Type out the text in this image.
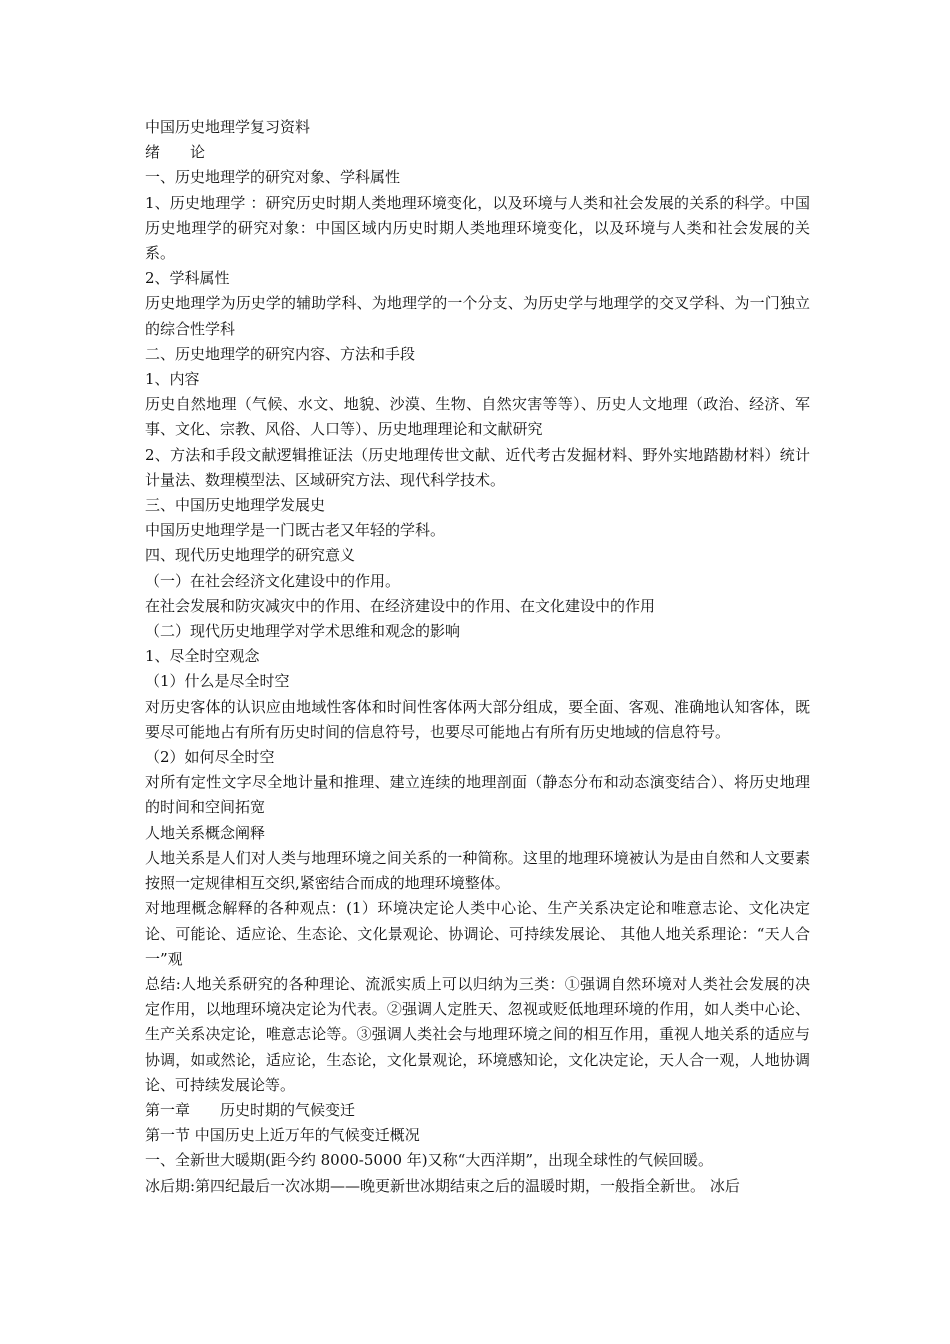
中国历史地理学复习资料

绪　　论

一、历史地理学的研究对象、学科属性

1、历史地理学 ：研究历史时期人类地理环境变化，以及环境与人类和社会发展的关系的科学。中国历史地理学的研究对象：中国区域内历史时期人类地理环境变化，以及环境与人类和社会发展的关系。

2、学科属性

历史地理学为历史学的辅助学科、为地理学的一个分支、为历史学与地理学的交叉学科、为一门独立的综合性学科

二、历史地理学的研究内容、方法和手段

1、内容

历史自然地理（气候、水文、地貌、沙漠、生物、自然灾害等等）、历史人文地理（政治、经济、军事、文化、宗教、风俗、人口等）、历史地理理论和文献研究

2、方法和手段文献逻辑推证法（历史地理传世文献、近代考古发掘材料、野外实地踏勘材料）统计计量法、数理模型法、区域研究方法、现代科学技术。

三、中国历史地理学发展史

中国历史地理学是一门既古老又年轻的学科。

四、现代历史地理学的研究意义

（一）在社会经济文化建设中的作用。

在社会发展和防灾减灾中的作用、在经济建设中的作用、在文化建设中的作用

（二）现代历史地理学对学术思维和观念的影响

1、尽全时空观念

（1）什么是尽全时空

对历史客体的认识应由地域性客体和时间性客体两大部分组成，要全面、客观、准确地认知客体，既要尽可能地占有所有历史时间的信息符号，也要尽可能地占有所有历史地域的信息符号。

（2）如何尽全时空

对所有定性文字尽全地计量和推理、建立连续的地理剖面（静态分布和动态演变结合）、将历史地理的时间和空间拓宽

人地关系概念阐释

人地关系是人们对人类与地理环境之间关系的一种简称。这里的地理环境被认为是由自然和人文要素按照一定规律相互交织,紧密结合而成的地理环境整体。

对地理概念解释的各种观点：(1）环境决定论人类中心论、生产关系决定论和唯意志论、文化决定论、可能论、适应论、生态论、文化景观论、协调论、可持续发展论、 其他人地关系理论：“天人合一”观

总结:人地关系研究的各种理论、流派实质上可以归纳为三类：①强调自然环境对人类社会发展的决定作用，以地理环境决定论为代表。②强调人定胜天、忽视或贬低地理环境的作用，如人类中心论、生产关系决定论，唯意志论等。③强调人类社会与地理环境之间的相互作用，重视人地关系的适应与协调，如或然论，适应论，生态论，文化景观论，环境感知论，文化决定论，天人合一观，人地协调论、可持续发展论等。

第一章　　历史时期的气候变迁

第一节 中国历史上近万年的气候变迁概况

一、全新世大暖期(距今约 8000-5000 年)又称“大西洋期”，出现全球性的气候回暖。

冰后期:第四纪最后一次冰期——晚更新世冰期结束之后的温暖时期，一般指全新世。 冰后
